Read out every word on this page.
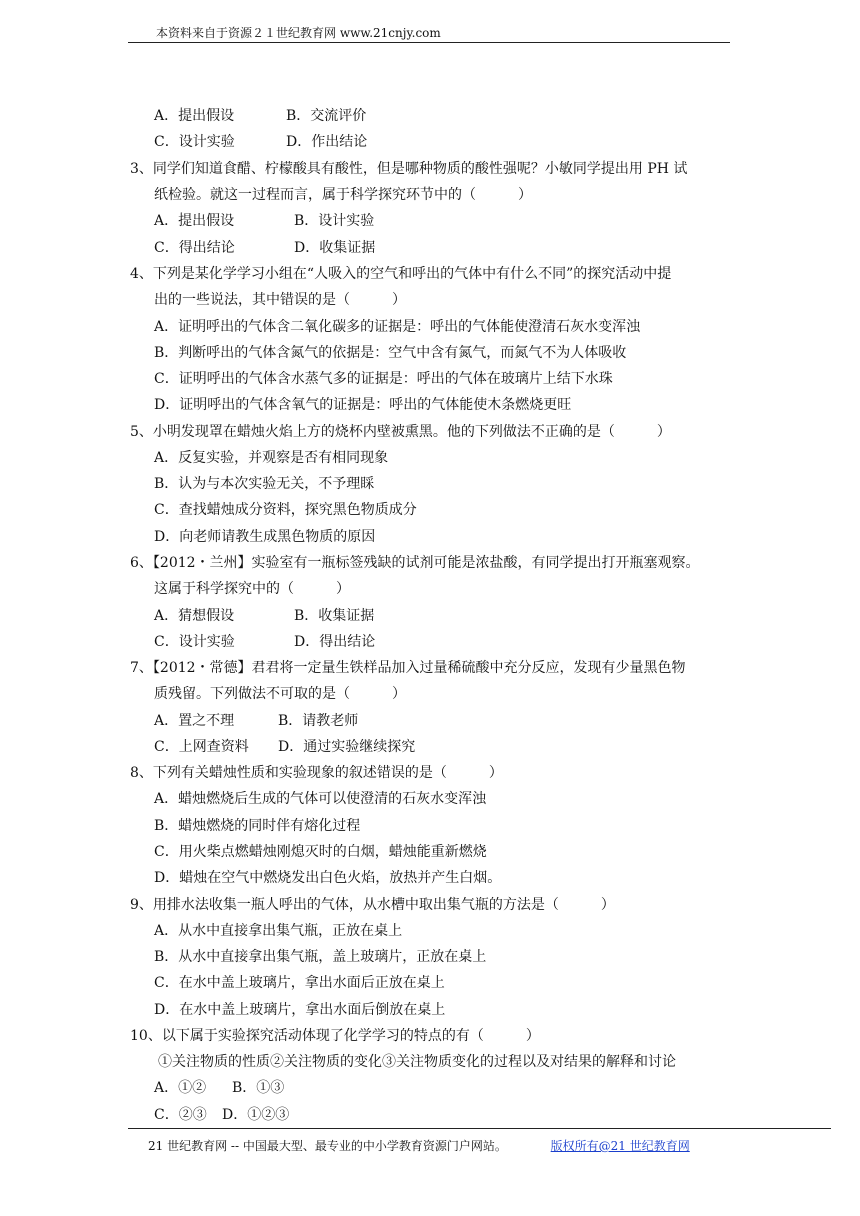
本资料来自于资源２１世纪教育网 www.21cnjy.com
A．提出假设	B．交流评价
C．设计实验	D．作出结论
3、同学们知道食醋、柠檬酸具有酸性，但是哪种物质的酸性强呢？小敏同学提出用 PH 试
纸检验。就这一过程而言，属于科学探究环节中的（　　　）
A．提出假设	B．设计实验
C．得出结论	D．收集证据
4、下列是某化学学习小组在“人吸入的空气和呼出的气体中有什么不同”的探究活动中提
出的一些说法，其中错误的是（　　　）
A．证明呼出的气体含二氧化碳多的证据是：呼出的气体能使澄清石灰水变浑浊
B．判断呼出的气体含氮气的依据是：空气中含有氮气，而氮气不为人体吸收
C．证明呼出的气体含水蒸气多的证据是：呼出的气体在玻璃片上结下水珠
D．证明呼出的气体含氧气的证据是：呼出的气体能使木条燃烧更旺
5、小明发现罩在蜡烛火焰上方的烧杯内壁被熏黑。他的下列做法不正确的是（　　　）
A．反复实验，并观察是否有相同现象
B．认为与本次实验无关，不予理睬
C．查找蜡烛成分资料，探究黑色物质成分
D．向老师请教生成黑色物质的原因
6、【2012・兰州】实验室有一瓶标签残缺的试剂可能是浓盐酸，有同学提出打开瓶塞观察。
这属于科学探究中的（　　　）
A．猜想假设	B．收集证据
C．设计实验	D．得出结论
7、【2012・常德】君君将一定量生铁样品加入过量稀硫酸中充分反应，发现有少量黑色物
质残留。下列做法不可取的是（　　　）
A．置之不理	B．请教老师
C．上网查资料 D．通过实验继续探究
8、下列有关蜡烛性质和实验现象的叙述错误的是（　　　）
A．蜡烛燃烧后生成的气体可以使澄清的石灰水变浑浊
B．蜡烛燃烧的同时伴有熔化过程
C．用火柴点燃蜡烛刚熄灭时的白烟，蜡烛能重新燃烧
D．蜡烛在空气中燃烧发出白色火焰，放热并产生白烟。
9、用排水法收集一瓶人呼出的气体，从水槽中取出集气瓶的方法是（　　　）
A．从水中直接拿出集气瓶，正放在桌上
B．从水中直接拿出集气瓶，盖上玻璃片，正放在桌上
C．在水中盖上玻璃片，拿出水面后正放在桌上
D．在水中盖上玻璃片，拿出水面后倒放在桌上
10、以下属于实验探究活动体现了化学学习的特点的有（　　　）
①关注物质的性质②关注物质的变化③关注物质变化的过程以及对结果的解释和讨论
A．①② B．①③
C．②③ D．①②③
21 世纪教育网 -- 中国最大型、最专业的中小学教育资源门户网站。	版权所有@21 世纪教育网
